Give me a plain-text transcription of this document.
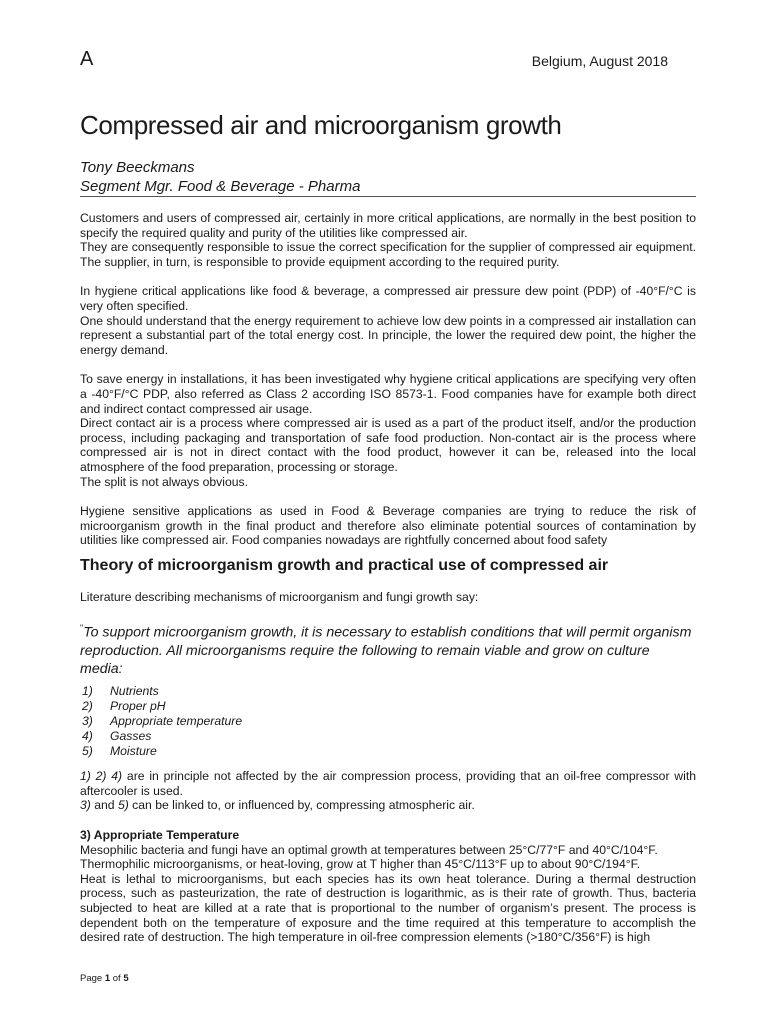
A	Belgium, August 2018
Compressed air and microorganism growth
Tony Beeckmans
Segment Mgr. Food & Beverage - Pharma

Customers and users of compressed air, certainly in more critical applications, are normally in the best position to specify the required quality and purity of the utilities like compressed air.

They are consequently responsible to issue the correct specification for the supplier of compressed air equipment. The supplier, in turn, is responsible to provide equipment according to the required purity.

In hygiene critical applications like food & beverage, a compressed air pressure dew point (PDP) of -40°F/°C is very often specified.

One should understand that the energy requirement to achieve low dew points in a compressed air installation can represent a substantial part of the total energy cost. In principle, the lower the required dew point, the higher the energy demand.

To save energy in installations, it has been investigated why hygiene critical applications are specifying very often a -40°F/°C PDP, also referred as Class 2 according ISO 8573-1. Food companies have for example both direct and indirect contact compressed air usage.

Direct contact air is a process where compressed air is used as a part of the product itself, and/or the production process, including packaging and transportation of safe food production. Non-contact air is the process where compressed air is not in direct contact with the food product, however it can be, released into the local atmosphere of the food preparation, processing or storage.

The split is not always obvious.

Hygiene sensitive applications as used in Food & Beverage companies are trying to reduce the risk of microorganism growth in the final product and therefore also eliminate potential sources of contamination by utilities like compressed air. Food companies nowadays are rightfully concerned about food safety

Theory of microorganism growth and practical use of compressed air

Literature describing mechanisms of microorganism and fungi growth say:

"To support microorganism growth, it is necessary to establish conditions that will permit organism reproduction. All microorganisms require the following to remain viable and grow on culture media:

1)	Nutrients
2)	Proper pH
3)	Appropriate temperature
4)	Gasses
5)	Moisture

1) 2) 4) are in principle not affected by the air compression process, providing that an oil-free compressor with aftercooler is used.

3) and 5) can be linked to, or influenced by, compressing atmospheric air.

3) Appropriate Temperature

Mesophilic bacteria and fungi have an optimal growth at temperatures between 25°C/77°F and 40°C/104°F.

Thermophilic microorganisms, or heat-loving, grow at T higher than 45°C/113°F up to about 90°C/194°F.

Heat is lethal to microorganisms, but each species has its own heat tolerance. During a thermal destruction process, such as pasteurization, the rate of destruction is logarithmic, as is their rate of growth. Thus, bacteria subjected to heat are killed at a rate that is proportional to the number of organism’s present. The process is dependent both on the temperature of exposure and the time required at this temperature to accomplish the desired rate of destruction. The high temperature in oil-free compression elements (>180°C/356°F) is high

Page 1 of 5
